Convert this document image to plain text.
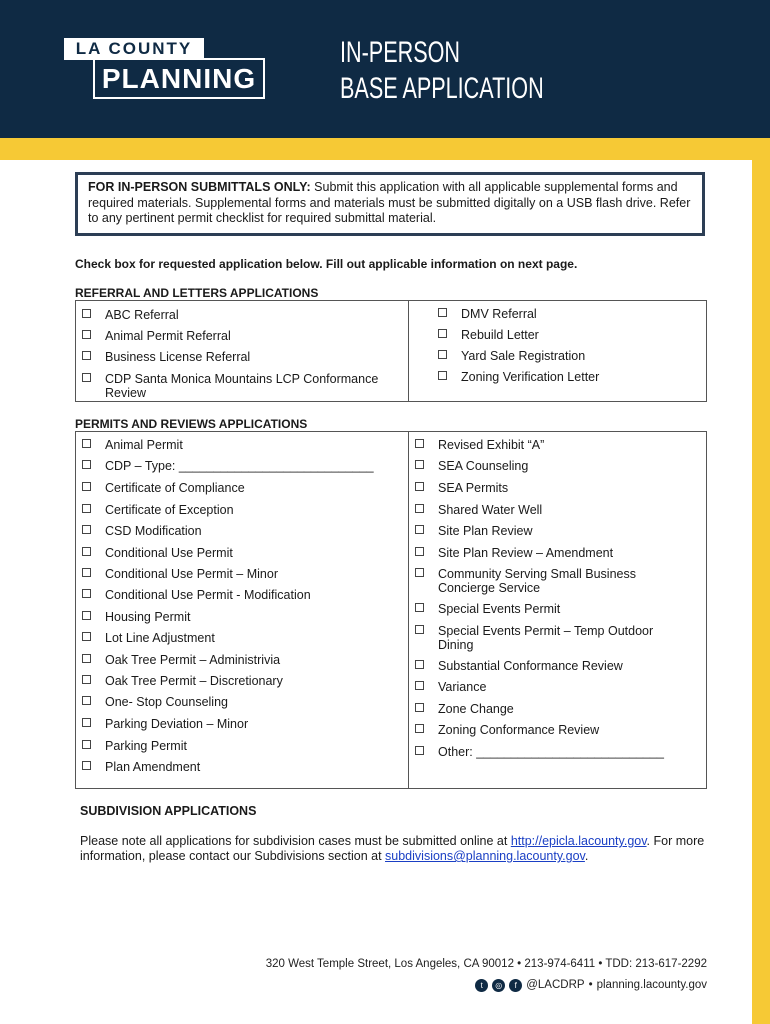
LA COUNTY
PLANNING
IN-PERSON
BASE APPLICATION
FOR IN-PERSON SUBMITTALS ONLY: Submit this application with all applicable supplemental forms and required materials. Supplemental forms and materials must be submitted digitally on a USB flash drive. Refer to any pertinent permit checklist for required submittal material.
Check box for requested application below. Fill out applicable information on next page.
REFERRAL AND LETTERS APPLICATIONS
ABC Referral
Animal Permit Referral
Business License Referral
CDP Santa Monica Mountains LCP Conformance Review
DMV Referral
Rebuild Letter
Yard Sale Registration
Zoning Verification Letter
PERMITS AND REVIEWS APPLICATIONS
Animal Permit
CDP – Type: ____________________________
Certificate of Compliance
Certificate of Exception
CSD Modification
Conditional Use Permit
Conditional Use Permit – Minor
Conditional Use Permit - Modification
Housing Permit
Lot Line Adjustment
Oak Tree Permit – Administrivia
Oak Tree Permit – Discretionary
One- Stop Counseling
Parking Deviation – Minor
Parking Permit
Plan Amendment
Revised Exhibit “A”
SEA Counseling
SEA Permits
Shared Water Well
Site Plan Review
Site Plan Review – Amendment
Community Serving Small Business Concierge Service
Special Events Permit
Special Events Permit – Temp Outdoor Dining
Substantial Conformance Review
Variance
Zone Change
Zoning Conformance Review
Other: ___________________________
SUBDIVISION APPLICATIONS
Please note all applications for subdivision cases must be submitted online at http://epicla.lacounty.gov. For more information, please contact our Subdivisions section at subdivisions@planning.lacounty.gov.
320 West Temple Street, Los Angeles, CA 90012 • 213-974-6411 • TDD: 213-617-2292
t	◎	f @LACDRP • planning.lacounty.gov
